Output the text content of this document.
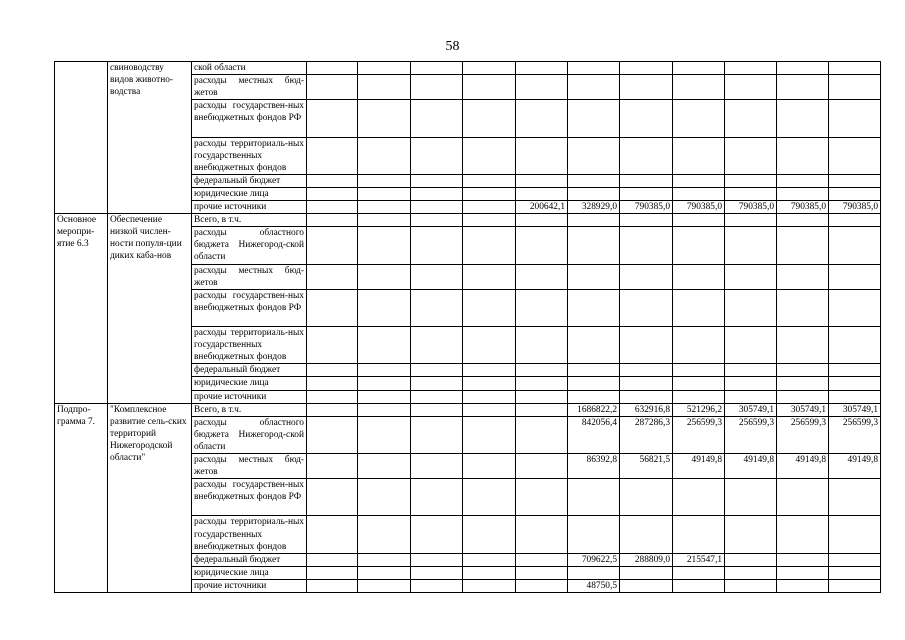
58
	свиноводству видов животно-водства	ской области											
		расходы местных бюд-жетов											
		расходы государствен-ных внебюджетных фондов РФ											
		расходы территориаль-ных государственных внебюджетных фондов											
		федеральный бюджет											
		юридические лица											
		прочие источники					200642,1	328929,0	790385,0	790385,0	790385,0	790385,0	790385,0
Основное меропри-ятие 6.3	Обеспечение низкой числен-ности популя-ции диких каба-нов	Всего, в т.ч.											
		расходы областного бюджета Нижегород-ской области											
		расходы местных бюд-жетов											
		расходы государствен-ных внебюджетных фондов РФ											
		расходы территориаль-ных государственных внебюджетных фондов											
		федеральный бюджет											
		юридические лица											
		прочие источники											
Подпро-грамма 7.	"Комплексное развитие сель-ских территорий Нижегородской области"	Всего, в т.ч.						1686822,2	632916,8	521296,2	305749,1	305749,1	305749,1
		расходы областного бюджета Нижегород-ской области						842056,4	287286,3	256599,3	256599,3	256599,3	256599,3
		расходы местных бюд-жетов						86392,8	56821,5	49149,8	49149,8	49149,8	49149,8
		расходы государствен-ных внебюджетных фондов РФ											
		расходы территориаль-ных государственных внебюджетных фондов											
		федеральный бюджет						709622,5	288809,0	215547,1			
		юридические лица											
		прочие источники						48750,5					
